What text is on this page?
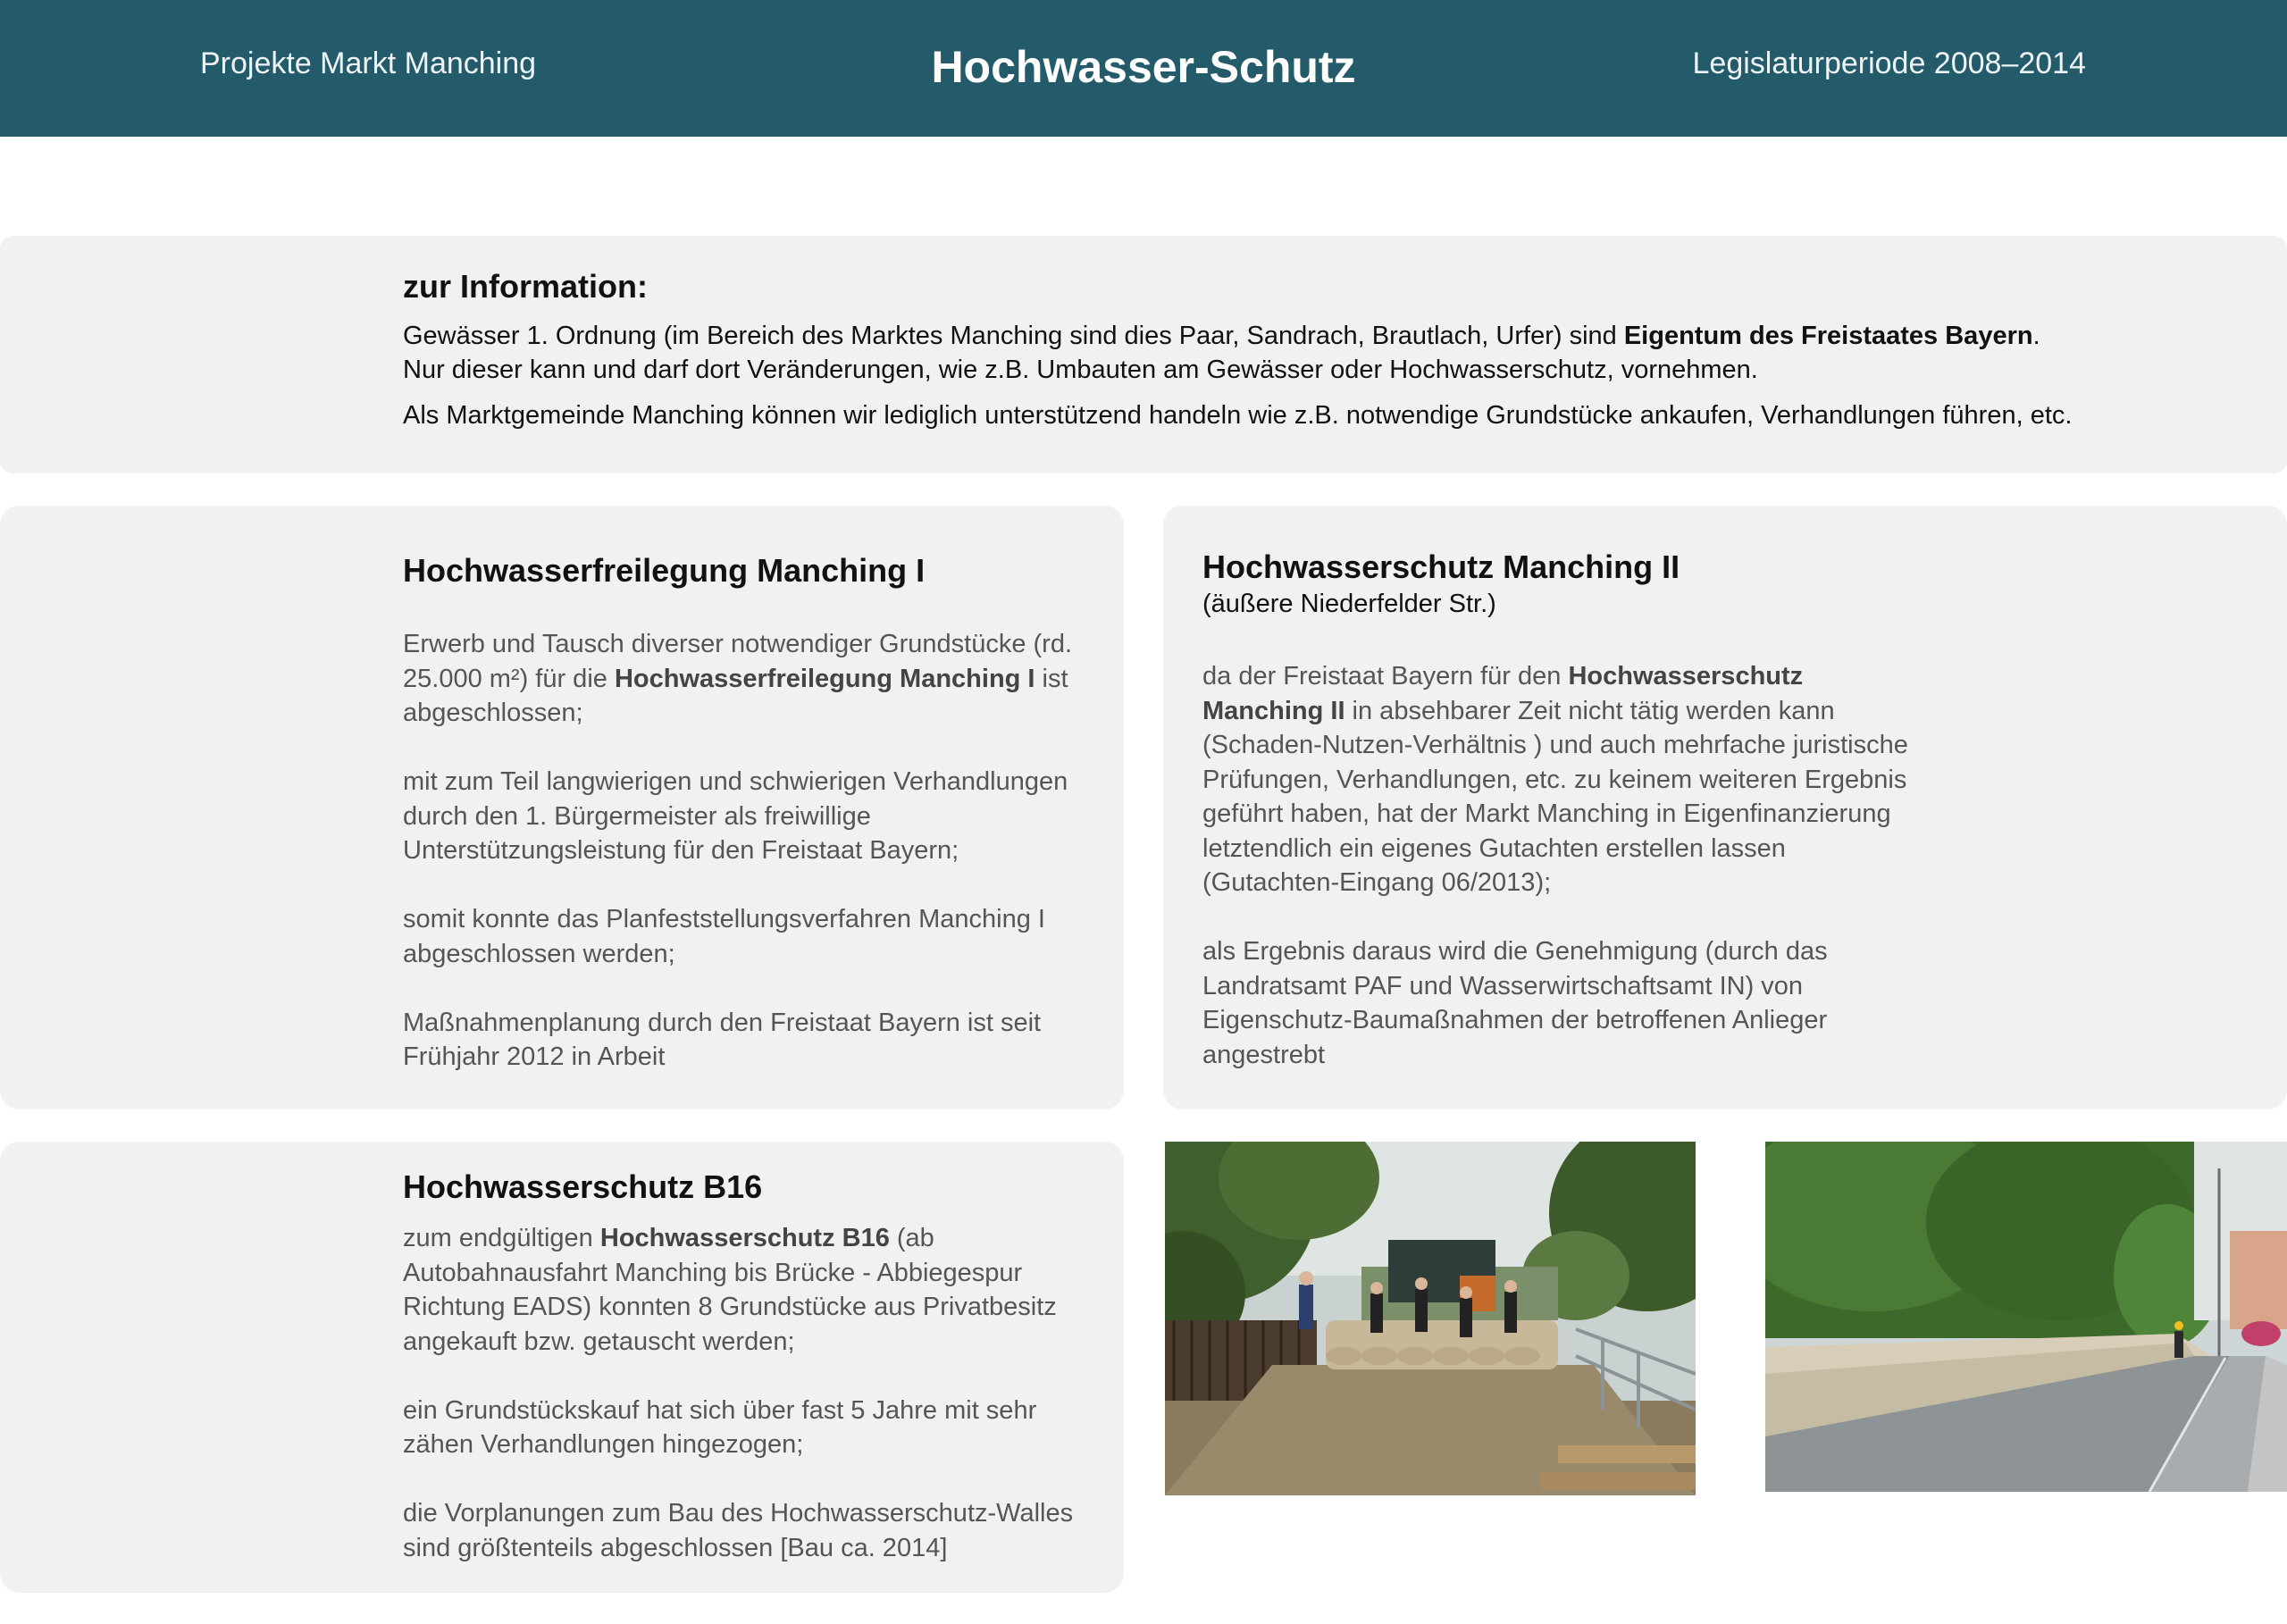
Projekte Markt Manching	Hochwasser-Schutz	Legislaturperiode 2008–2014
zur Information:
Gewässer 1. Ordnung (im Bereich des Marktes Manching sind dies Paar, Sandrach, Brautlach, Urfer) sind Eigentum des Freistaates Bayern.
Nur dieser kann und darf dort Veränderungen, wie z.B. Umbauten am Gewässer oder Hochwasserschutz, vornehmen.
Als Marktgemeinde Manching können wir lediglich unterstützend handeln wie z.B. notwendige Grundstücke ankaufen, Verhandlungen führen, etc.
Hochwasserfreilegung Manching I

Erwerb und Tausch diverser notwendiger Grundstücke (rd. 25.000 m²) für die Hochwasserfreilegung Manching I ist abgeschlossen;

mit zum Teil langwierigen und schwierigen Verhandlungen durch den 1. Bürgermeister als freiwillige Unterstützungsleistung für den Freistaat Bayern;

somit konnte das Planfeststellungsverfahren Manching I abgeschlossen werden;

Maßnahmenplanung durch den Freistaat Bayern ist seit Frühjahr 2012 in Arbeit

Hochwasserschutz Manching II
(äußere Niederfelder Str.)

da der Freistaat Bayern für den Hochwasserschutz Manching II in absehbarer Zeit nicht tätig werden kann (Schaden-Nutzen-Verhältnis ) und auch mehrfache juristische Prüfungen, Verhandlungen, etc. zu keinem weiteren Ergebnis geführt haben, hat der Markt Manching in Eigenfinanzierung letztendlich ein eigenes Gutachten erstellen lassen (Gutachten-Eingang 06/2013);

als Ergebnis daraus wird die Genehmigung (durch das Landratsamt PAF und Wasserwirtschaftsamt IN) von Eigenschutz-Baumaßnahmen der betroffenen Anlieger angestrebt

Hochwasserschutz B16

zum endgültigen Hochwasserschutz B16 (ab Autobahnausfahrt Manching bis Brücke - Abbiegespur Richtung EADS) konnten 8 Grundstücke aus Privatbesitz angekauft bzw. getauscht werden;

ein Grundstückskauf hat sich über fast 5 Jahre mit sehr zähen Verhandlungen hingezogen;

die Vorplanungen zum Bau des Hochwasserschutz-Walles sind größtenteils abgeschlossen [Bau ca. 2014]
